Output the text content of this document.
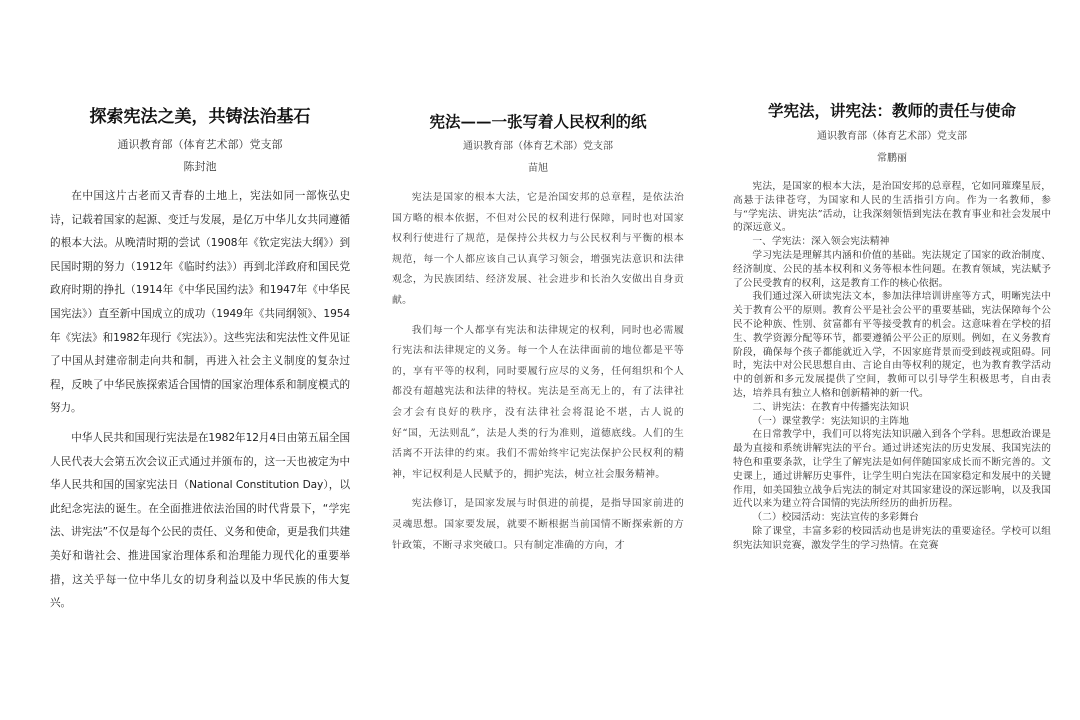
探索宪法之美，共铸法治基石
通识教育部（体育艺术部）党支部
陈封池

在中国这片古老而又青春的土地上，宪法如同一部恢弘史诗，记载着国家的起源、变迁与发展，是亿万中华儿女共同遵循的根本大法。从晚清时期的尝试（1908年《钦定宪法大纲》）到民国时期的努力（1912年《临时约法》）再到北洋政府和国民党政府时期的挣扎（1914年《中华民国约法》和1947年《中华民国宪法》）直至新中国成立的成功（1949年《共同纲领》、1954年《宪法》和1982年现行《宪法》）。这些宪法和宪法性文件见证了中国从封建帝制走向共和制，再进入社会主义制度的复杂过程，反映了中华民族探索适合国情的国家治理体系和制度模式的努力。

中华人民共和国现行宪法是在1982年12月4日由第五届全国人民代表大会第五次会议正式通过并颁布的，这一天也被定为中华人民共和国的国家宪法日（National Constitution Day），以此纪念宪法的诞生。在全面推进依法治国的时代背景下，“学宪法、讲宪法”不仅是每个公民的责任、义务和使命，更是我们共建美好和谐社会、推进国家治理体系和治理能力现代化的重要举措，这关乎每一位中华儿女的切身利益以及中华民族的伟大复兴。

宪法——一张写着人民权利的纸
通识教育部（体育艺术部）党支部
苗旭

宪法是国家的根本大法，它是治国安邦的总章程，是依法治国方略的根本依据，不但对公民的权利进行保障，同时也对国家权利行使进行了规范，是保持公共权力与公民权利与平衡的根本规范，每一个人都应该自己认真学习领会，增强宪法意识和法律观念，为民族团结、经济发展、社会进步和长治久安做出自身贡献。

我们每一个人都享有宪法和法律规定的权利，同时也必需履行宪法和法律规定的义务。每一个人在法律面前的地位都是平等的，享有平等的权利，同时要履行应尽的义务，任何组织和个人都没有超越宪法和法律的特权。宪法是至高无上的，有了法律社会才会有良好的秩序，没有法律社会将混论不堪，古人说的好“国，无法则乱”，法是人类的行为准则，道德底线。人们的生活离不开法律的约束。我们不需始终牢记宪法保护公民权利的精神，牢记权利是人民赋予的，拥护宪法，树立社会服务精神。

宪法修订，是国家发展与时俱进的前提，是指导国家前进的灵魂思想。国家要发展，就要不断根据当前国情不断探索新的方针政策，不断寻求突破口。只有制定准确的方向，才

学宪法，讲宪法：教师的责任与使命
通识教育部（体育艺术部）党支部
常鹏丽

宪法，是国家的根本大法，是治国安邦的总章程，它如同璀璨星辰，高悬于法律苍穹，为国家和人民的生活指引方向。作为一名教师，参与“学宪法、讲宪法”活动，让我深刻领悟到宪法在教育事业和社会发展中的深远意义。

一、学宪法：深入领会宪法精神

学习宪法是理解其内涵和价值的基础。宪法规定了国家的政治制度、经济制度、公民的基本权利和义务等根本性问题。在教育领域，宪法赋予了公民受教育的权利，这是教育工作的核心依据。

我们通过深入研读宪法文本，参加法律培训讲座等方式，明晰宪法中关于教育公平的原则。教育公平是社会公平的重要基础，宪法保障每个公民不论种族、性别、贫富都有平等接受教育的机会。这意味着在学校的招生、教学资源分配等环节，都要遵循公平公正的原则。例如，在义务教育阶段，确保每个孩子都能就近入学，不因家庭背景而受到歧视或阻碍。同时，宪法中对公民思想自由、言论自由等权利的规定，也为教育教学活动中的创新和多元发展提供了空间，教师可以引导学生积极思考，自由表达，培养具有独立人格和创新精神的新一代。

二、讲宪法：在教育中传播宪法知识

（一）课堂教学：宪法知识的主阵地

在日常教学中，我们可以将宪法知识融入到各个学科。思想政治课是最为直接和系统讲解宪法的平台。通过讲述宪法的历史发展、我国宪法的特色和重要条款，让学生了解宪法是如何伴随国家成长而不断完善的。文史课上，通过讲解历史事件，让学生明白宪法在国家稳定和发展中的关键作用，如美国独立战争后宪法的制定对其国家建设的深远影响，以及我国近代以来为建立符合国情的宪法所经历的曲折历程。

（二）校园活动：宪法宣传的多彩舞台

除了课堂，丰富多彩的校园活动也是讲宪法的重要途径。学校可以组织宪法知识竞赛，激发学生的学习热情。在竞赛
